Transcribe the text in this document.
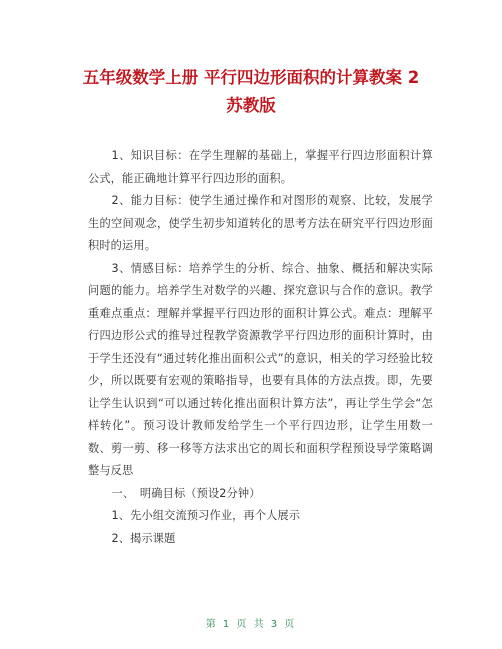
五年级数学上册 平行四边形面积的计算教案 2
苏教版

1、知识目标：在学生理解的基础上，掌握平行四边形面积计算公式，能正确地计算平行四边形的面积。

2、能力目标：使学生通过操作和对图形的观察、比较，发展学生的空间观念，使学生初步知道转化的思考方法在研究平行四边形面积时的运用。

3、情感目标：培养学生的分析、综合、抽象、概括和解决实际问题的能力。培养学生对数学的兴趣、探究意识与合作的意识。教学重难点重点：理解并掌握平行四边形的面积计算公式。难点：理解平行四边形公式的推导过程教学资源教学平行四边形的面积计算时，由于学生还没有“通过转化推出面积公式”的意识，相关的学习经验比较少，所以既要有宏观的策略指导，也要有具体的方法点拨。即，先要让学生认识到“可以通过转化推出面积计算方法”，再让学生学会“怎样转化”。预习设计教师发给学生一个平行四边形，让学生用数一数、剪一剪、移一移等方法求出它的周长和面积学程预设导学策略调整与反思

一、　明确目标（预设2分钟）

1、先小组交流预习作业，再个人展示

2、揭示课题

第 1 页 共 3 页
